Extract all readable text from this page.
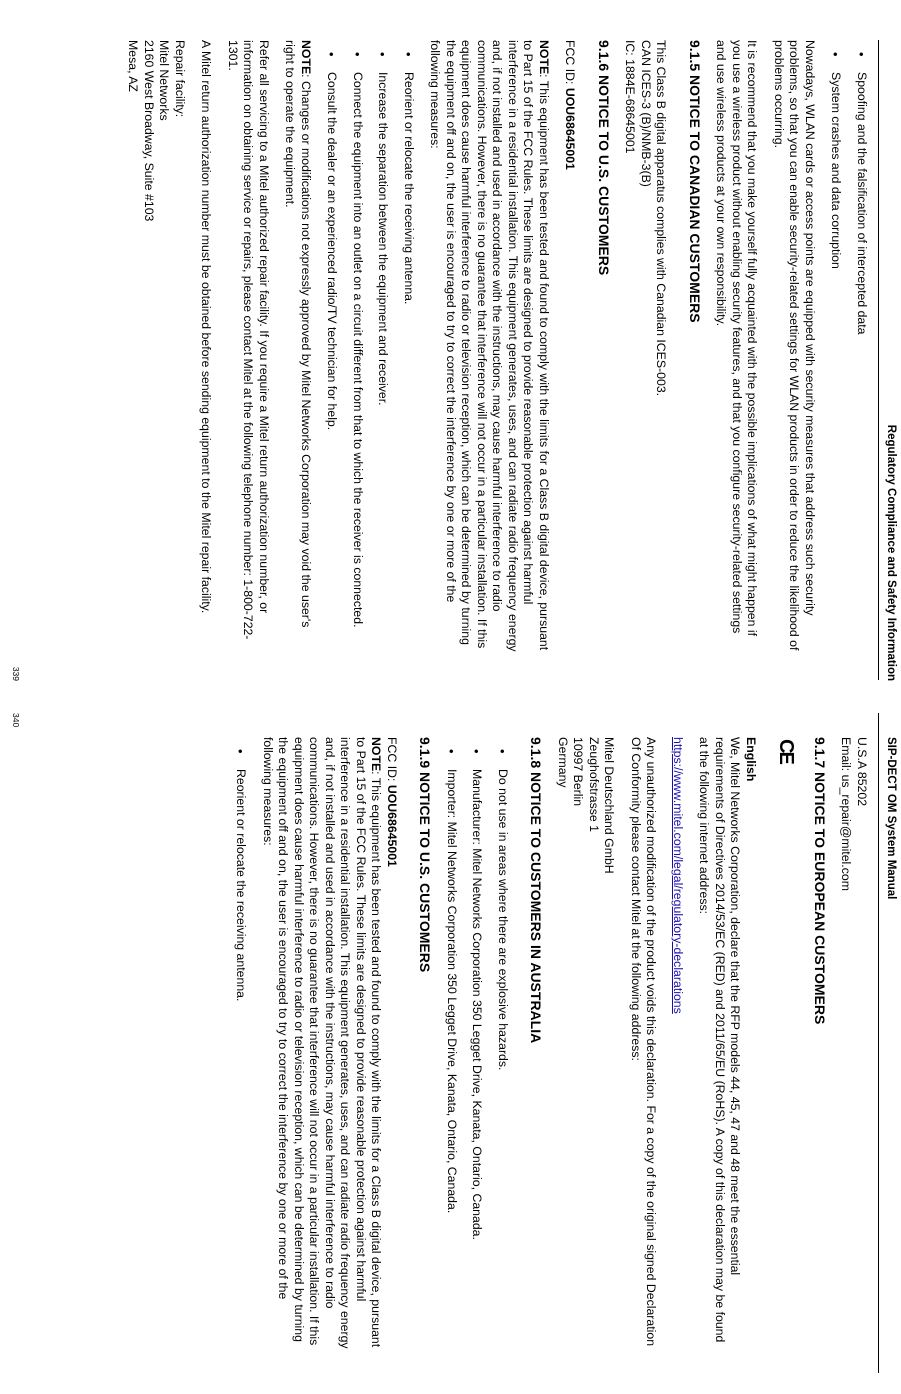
Regulatory Compliance and Safety Information
• Spoofing and the falsification of intercepted data
• System crashes and data corruption

Nowadays, WLAN cards or access points are equipped with security measures that address such security problems, so that you can enable security-related settings for WLAN products in order to reduce the likelihood of problems occurring.

It is recommend that you make yourself fully acquainted with the possible implications of what might happen if you use a wireless product without enabling security features, and that you configure security-related settings and use wireless products at your own responsibility.

9.1.5 NOTICE TO CANADIAN CUSTOMERS
This Class B digital apparatus complies with Canadian ICES-003.
CAN ICES-3 (B)/NMB-3(B)
IC: 1884E-68645001
9.1.6 NOTICE TO U.S. CUSTOMERS

FCC ID: UOU68645001

NOTE: This equipment has been tested and found to comply with the limits for a Class B digital device, pursuant to Part 15 of the FCC Rules. These limits are designed to provide reasonable protection against harmful interference in a residential installation. This equipment generates, uses, and can radiate radio frequency energy and, if not installed and used in accordance with the instructions, may cause harmful interference to radio communications. However, there is no guarantee that interference will not occur in a particular installation. If this equipment does cause harmful interference to radio or television reception, which can be determined by turning the equipment off and on, the user is encouraged to try to correct the interference by one or more of the following measures:

• Reorient or relocate the receiving antenna.
• Increase the separation between the equipment and receiver.
• Connect the equipment into an outlet on a circuit different from that to which the receiver is connected.
• Consult the dealer or an experienced radio/TV technician for help.

NOTE: Changes or modifications not expressly approved by Mitel Networks Corporation may void the user's right to operate the equipment.

Refer all servicing to a Mitel authorized repair facility. If you require a Mitel return authorization number, or information on obtaining service or repairs, please contact Mitel at the following telephone number: 1-800-722-1301.

A Mitel return authorization number must be obtained before sending equipment to the Mitel repair facility.

Repair facility:
Mitel Networks
2160 West Broadway, Suite #103
Mesa, AZ
339
SIP-DECT OM System Manual
U.S.A 85202
Email: us_repair@mitel.com
9.1.7 NOTICE TO EUROPEAN CUSTOMERS
CE
English

We, Mitel Networks Corporation, declare that the RFP models 44, 45, 47 and 48 meet the essential requirements of Directives 2014/53/EC (RED) and 2011/65/EU (RoHS). A copy of this declaration may be found at the following internet address:

https://www.mitel.com/legal/regulatory-declarations

Any unauthorized modification of the product voids this declaration. For a copy of the original signed Declaration Of Conformity please contact Mitel at the following address:

Mitel Deutschland GmbH
Zeughofstrasse 1
10997 Berlin
Germany
9.1.8 NOTICE TO CUSTOMERS IN AUSTRALIA
• Do not use in areas where there are explosive hazards.
• Manufacturer: Mitel Networks Corporation 350 Legget Drive, Kanata, Ontario, Canada.
• Importer: Mitel Networks Corporation 350 Legget Drive, Kanata, Ontario, Canada.
9.1.9 NOTICE TO U.S. CUSTOMERS
FCC ID: UOU68645001

NOTE: This equipment has been tested and found to comply with the limits for a Class B digital device, pursuant to Part 15 of the FCC Rules. These limits are designed to provide reasonable protection against harmful interference in a residential installation. This equipment generates, uses, and can radiate radio frequency energy and, if not installed and used in accordance with the instructions, may cause harmful interference to radio communications. However, there is no guarantee that interference will not occur in a particular installation. If this equipment does cause harmful interference to radio or television reception, which can be determined by turning the equipment off and on, the user is encouraged to try to correct the interference by one or more of the following measures:

• Reorient or relocate the receiving antenna.
340
